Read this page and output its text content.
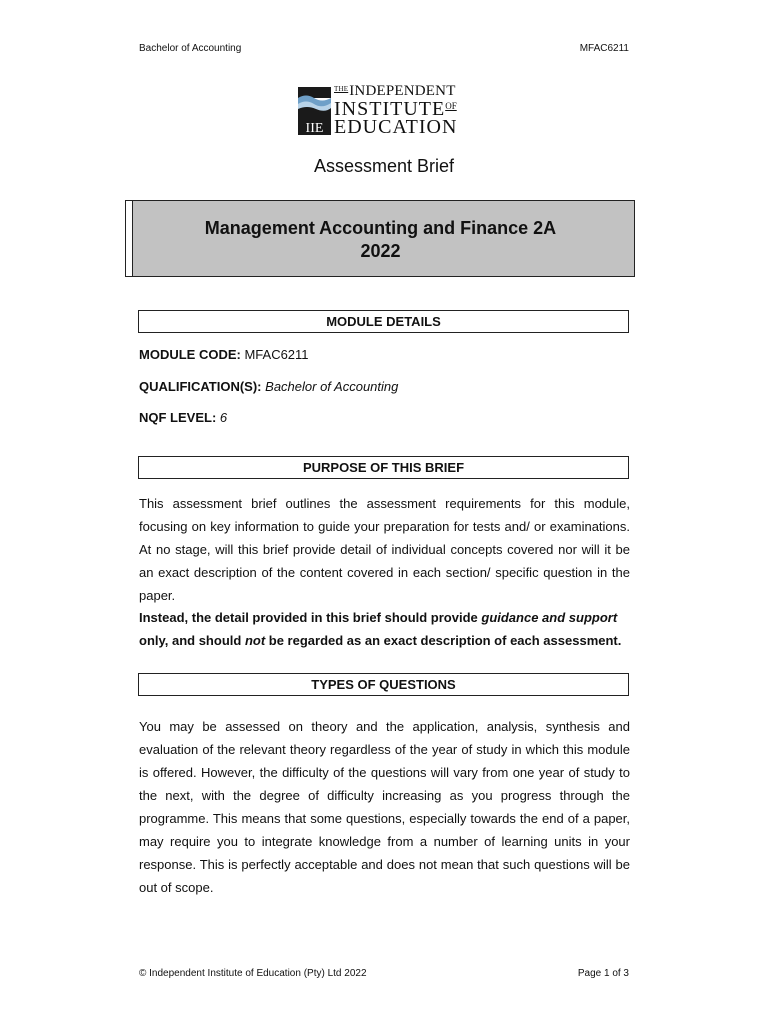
Bachelor of Accounting	MFAC6211
IIE
$^{THE}$INDEPENDENT
$INSTITUTE^{OF}$
EDUCATION
Assessment Brief
Management Accounting and Finance 2A
2022
MODULE DETAILS
MODULE CODE: MFAC6211
QUALIFICATION(S): Bachelor of Accounting
NQF LEVEL: 6
PURPOSE OF THIS BRIEF
This assessment brief outlines the assessment requirements for this module, focusing on key information to guide your preparation for tests and/ or examinations. At no stage, will this brief provide detail of individual concepts covered nor will it be an exact description of the content covered in each section/ specific question in the paper.
Instead, the detail provided in this brief should provide guidance and support only, and should not be regarded as an exact description of each assessment.
TYPES OF QUESTIONS
You may be assessed on theory and the application, analysis, synthesis and evaluation of the relevant theory regardless of the year of study in which this module is offered. However, the difficulty of the questions will vary from one year of study to the next, with the degree of difficulty increasing as you progress through the programme. This means that some questions, especially towards the end of a paper, may require you to integrate knowledge from a number of learning units in your response. This is perfectly acceptable and does not mean that such questions will be out of scope.
© Independent Institute of Education (Pty) Ltd 2022	Page 1 of 3
